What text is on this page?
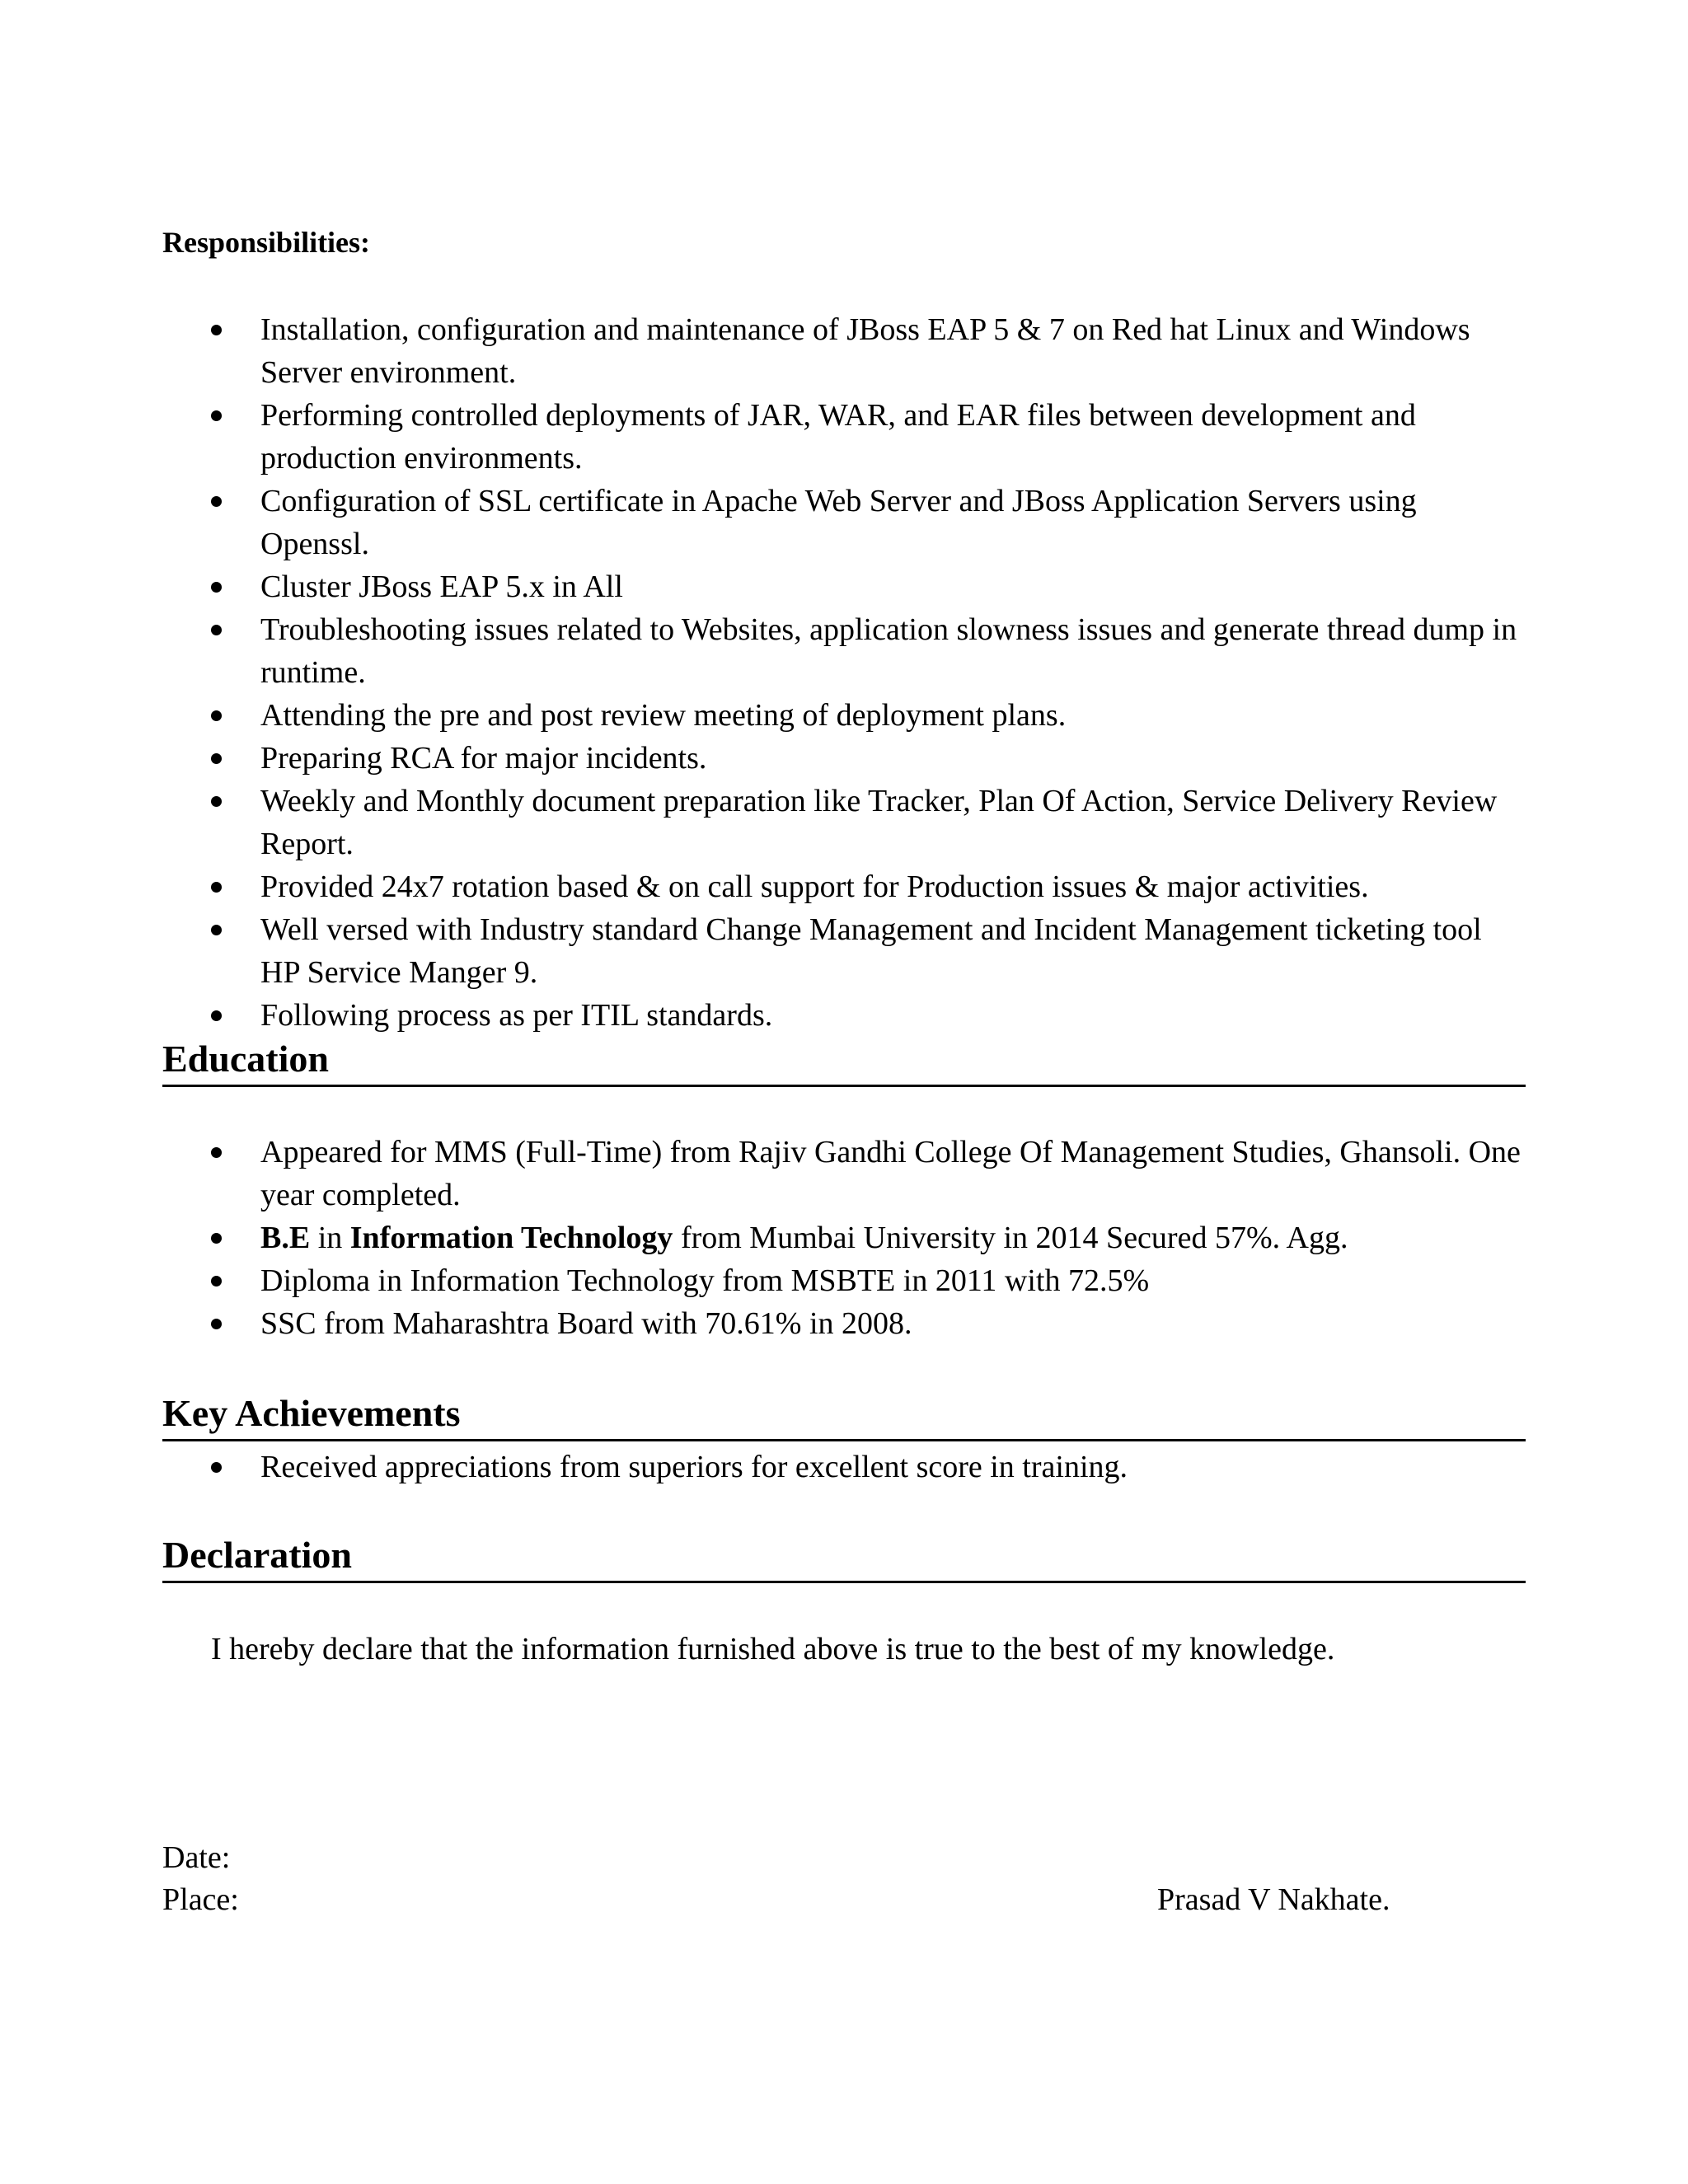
Responsibilities:
Installation, configuration and maintenance of JBoss EAP 5 & 7 on Red hat Linux and Windows Server environment.
Performing controlled deployments of JAR, WAR, and EAR files between development and production environments.
Configuration of SSL certificate in Apache Web Server and JBoss Application Servers using Openssl.
Cluster JBoss EAP 5.x in All
Troubleshooting issues related to Websites, application slowness issues and generate thread dump in runtime.
Attending the pre and post review meeting of deployment plans.
Preparing RCA for major incidents.
Weekly and Monthly document preparation like Tracker, Plan Of Action, Service Delivery Review Report.
Provided 24x7 rotation based & on call support for Production issues & major activities.
Well versed with Industry standard Change Management and Incident Management ticketing tool HP Service Manger 9.
Following process as per ITIL standards.
Education
Appeared for MMS (Full-Time) from Rajiv Gandhi College Of Management Studies, Ghansoli. One year completed.
B.E in Information Technology from Mumbai University in 2014 Secured 57%. Agg.
Diploma in Information Technology from MSBTE in 2011 with 72.5%
SSC from Maharashtra Board with 70.61% in 2008.
Key Achievements
Received appreciations from superiors for excellent score in training.
Declaration
I hereby declare that the information furnished above is true to the best of my knowledge.
Date:
Place:	Prasad V Nakhate.
